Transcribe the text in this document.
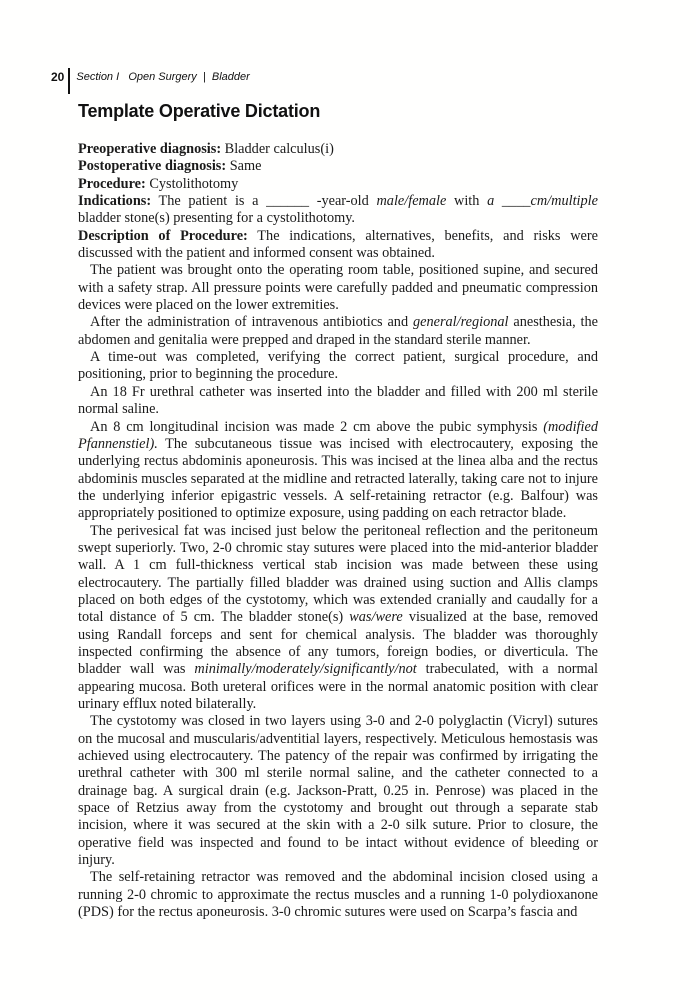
20 Section I   Open Surgery  |  Bladder
Template Operative Dictation

Preoperative diagnosis: Bladder calculus(i)

Postoperative diagnosis: Same

Procedure: Cystolithotomy

Indications: The patient is a ______ -year-old male/female with a ____cm/multiple bladder stone(s) presenting for a cystolithotomy.

Description of Procedure: The indications, alternatives, benefits, and risks were discussed with the patient and informed consent was obtained.

The patient was brought onto the operating room table, positioned supine, and secured with a safety strap. All pressure points were carefully padded and pneumatic compression devices were placed on the lower extremities.

After the administration of intravenous antibiotics and general/regional anesthesia, the abdomen and genitalia were prepped and draped in the standard sterile manner.

A time-out was completed, verifying the correct patient, surgical procedure, and positioning, prior to beginning the procedure.

An 18 Fr urethral catheter was inserted into the bladder and filled with 200 ml sterile normal saline.

An 8 cm longitudinal incision was made 2 cm above the pubic symphysis (modified Pfannenstiel). The subcutaneous tissue was incised with electrocautery, exposing the underlying rectus abdominis aponeurosis. This was incised at the linea alba and the rectus abdominis muscles separated at the midline and retracted laterally, taking care not to injure the underlying inferior epigastric vessels. A self-retaining retractor (e.g. Balfour) was appropriately positioned to optimize exposure, using padding on each retractor blade.

The perivesical fat was incised just below the peritoneal reflection and the peritoneum swept superiorly. Two, 2-0 chromic stay sutures were placed into the mid-anterior bladder wall. A 1 cm full-thickness vertical stab incision was made between these using electrocautery. The partially filled bladder was drained using suction and Allis clamps placed on both edges of the cystotomy, which was extended cranially and caudally for a total distance of 5 cm. The bladder stone(s) was/were visualized at the base, removed using Randall forceps and sent for chemical analysis. The bladder was thoroughly inspected confirming the absence of any tumors, foreign bodies, or diverticula. The bladder wall was minimally/moderately/significantly/not trabeculated, with a normal appearing mucosa. Both ureteral orifices were in the normal anatomic position with clear urinary efflux noted bilaterally.

The cystotomy was closed in two layers using 3-0 and 2-0 polyglactin (Vicryl) sutures on the mucosal and muscularis/adventitial layers, respectively. Meticulous hemostasis was achieved using electrocautery. The patency of the repair was confirmed by irrigating the urethral catheter with 300 ml sterile normal saline, and the catheter connected to a drainage bag. A surgical drain (e.g. Jackson-Pratt, 0.25 in. Penrose) was placed in the space of Retzius away from the cystotomy and brought out through a separate stab incision, where it was secured at the skin with a 2-0 silk suture. Prior to closure, the operative field was inspected and found to be intact without evidence of bleeding or injury.

The self-retaining retractor was removed and the abdominal incision closed using a running 2-0 chromic to approximate the rectus muscles and a running 1-0 polydioxanone (PDS) for the rectus aponeurosis. 3-0 chromic sutures were used on Scarpa’s fascia and
